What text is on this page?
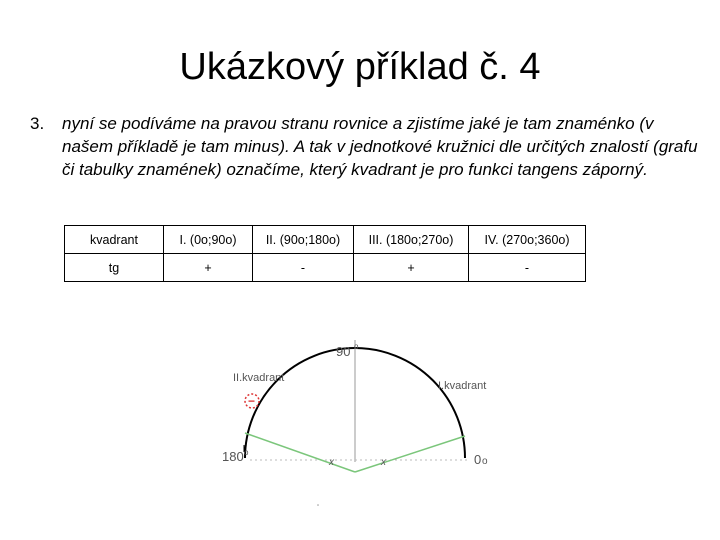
Ukázkový příklad č. 4
3. nyní se podíváme na pravou stranu rovnice a zjistíme jaké je tam znaménko (v našem příkladě je tam minus). A tak v jednotkové kružnici dle určitých znalostí (grafu či tabulky znamének) označíme, který kvadrant je pro funkci tangens záporný.
kvadrant	I. (0o;90o)	II. (90o;180o)	III. (180o;270o)	IV. (270o;360o)
tg	+	-	+	-
90 o
II.kvadrant
I.kvadrant
−
180 o	0 o
x	x
